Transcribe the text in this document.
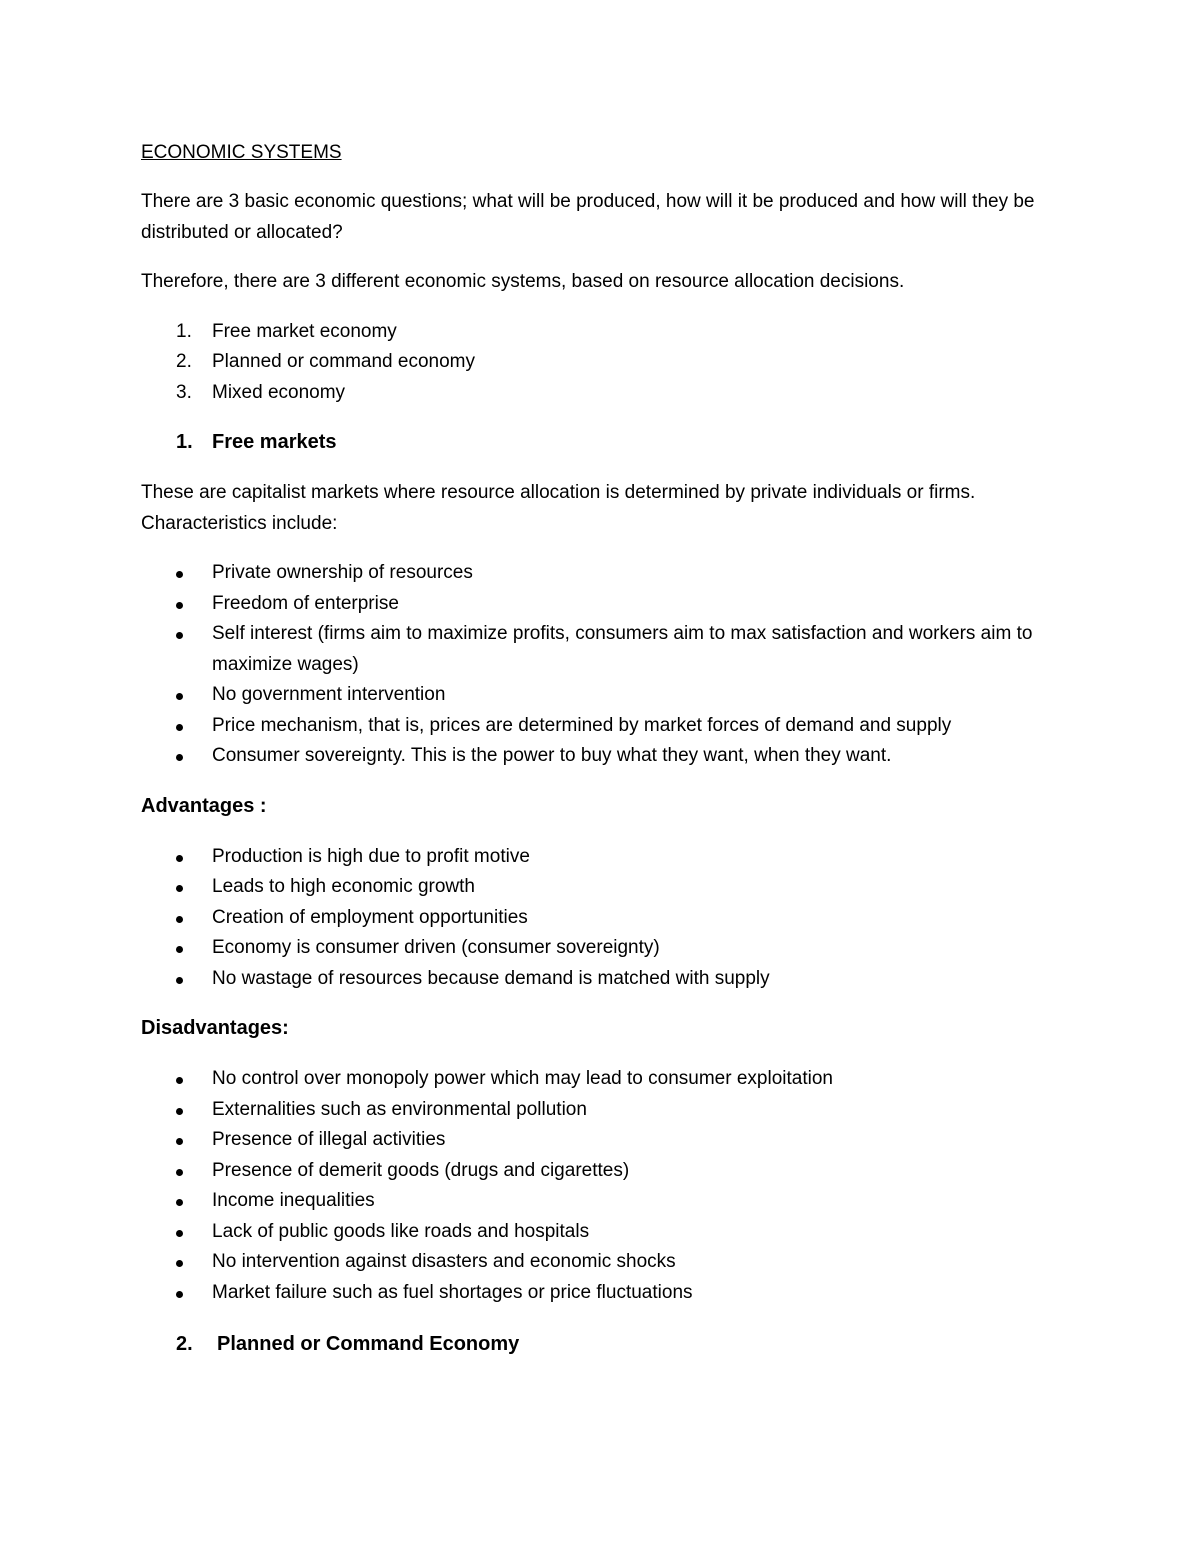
ECONOMIC SYSTEMS

There are 3 basic economic questions; what will be produced, how will it be produced and how will they be distributed or allocated?

Therefore, there are 3 different economic systems, based on resource allocation decisions.

1. Free market economy
2. Planned or command economy
3. Mixed economy
1. Free markets

These are capitalist markets where resource allocation is determined by private individuals or firms. Characteristics include:

Private ownership of resources
Freedom of enterprise
Self interest (firms aim to maximize profits, consumers aim to max satisfaction and workers aim to maximize wages)
No government intervention
Price mechanism, that is, prices are determined by market forces of demand and supply
Consumer sovereignty. This is the power to buy what they want, when they want.
Advantages :
Production is high due to profit motive
Leads to high economic growth
Creation of employment opportunities
Economy is consumer driven (consumer sovereignty)
No wastage of resources because demand is matched with supply
Disadvantages:
No control over monopoly power which may lead to consumer exploitation
Externalities such as environmental pollution
Presence of illegal activities
Presence of demerit goods (drugs and cigarettes)
Income inequalities
Lack of public goods like roads and hospitals
No intervention against disasters and economic shocks
Market failure such as fuel shortages or price fluctuations
2. Planned or Command Economy
